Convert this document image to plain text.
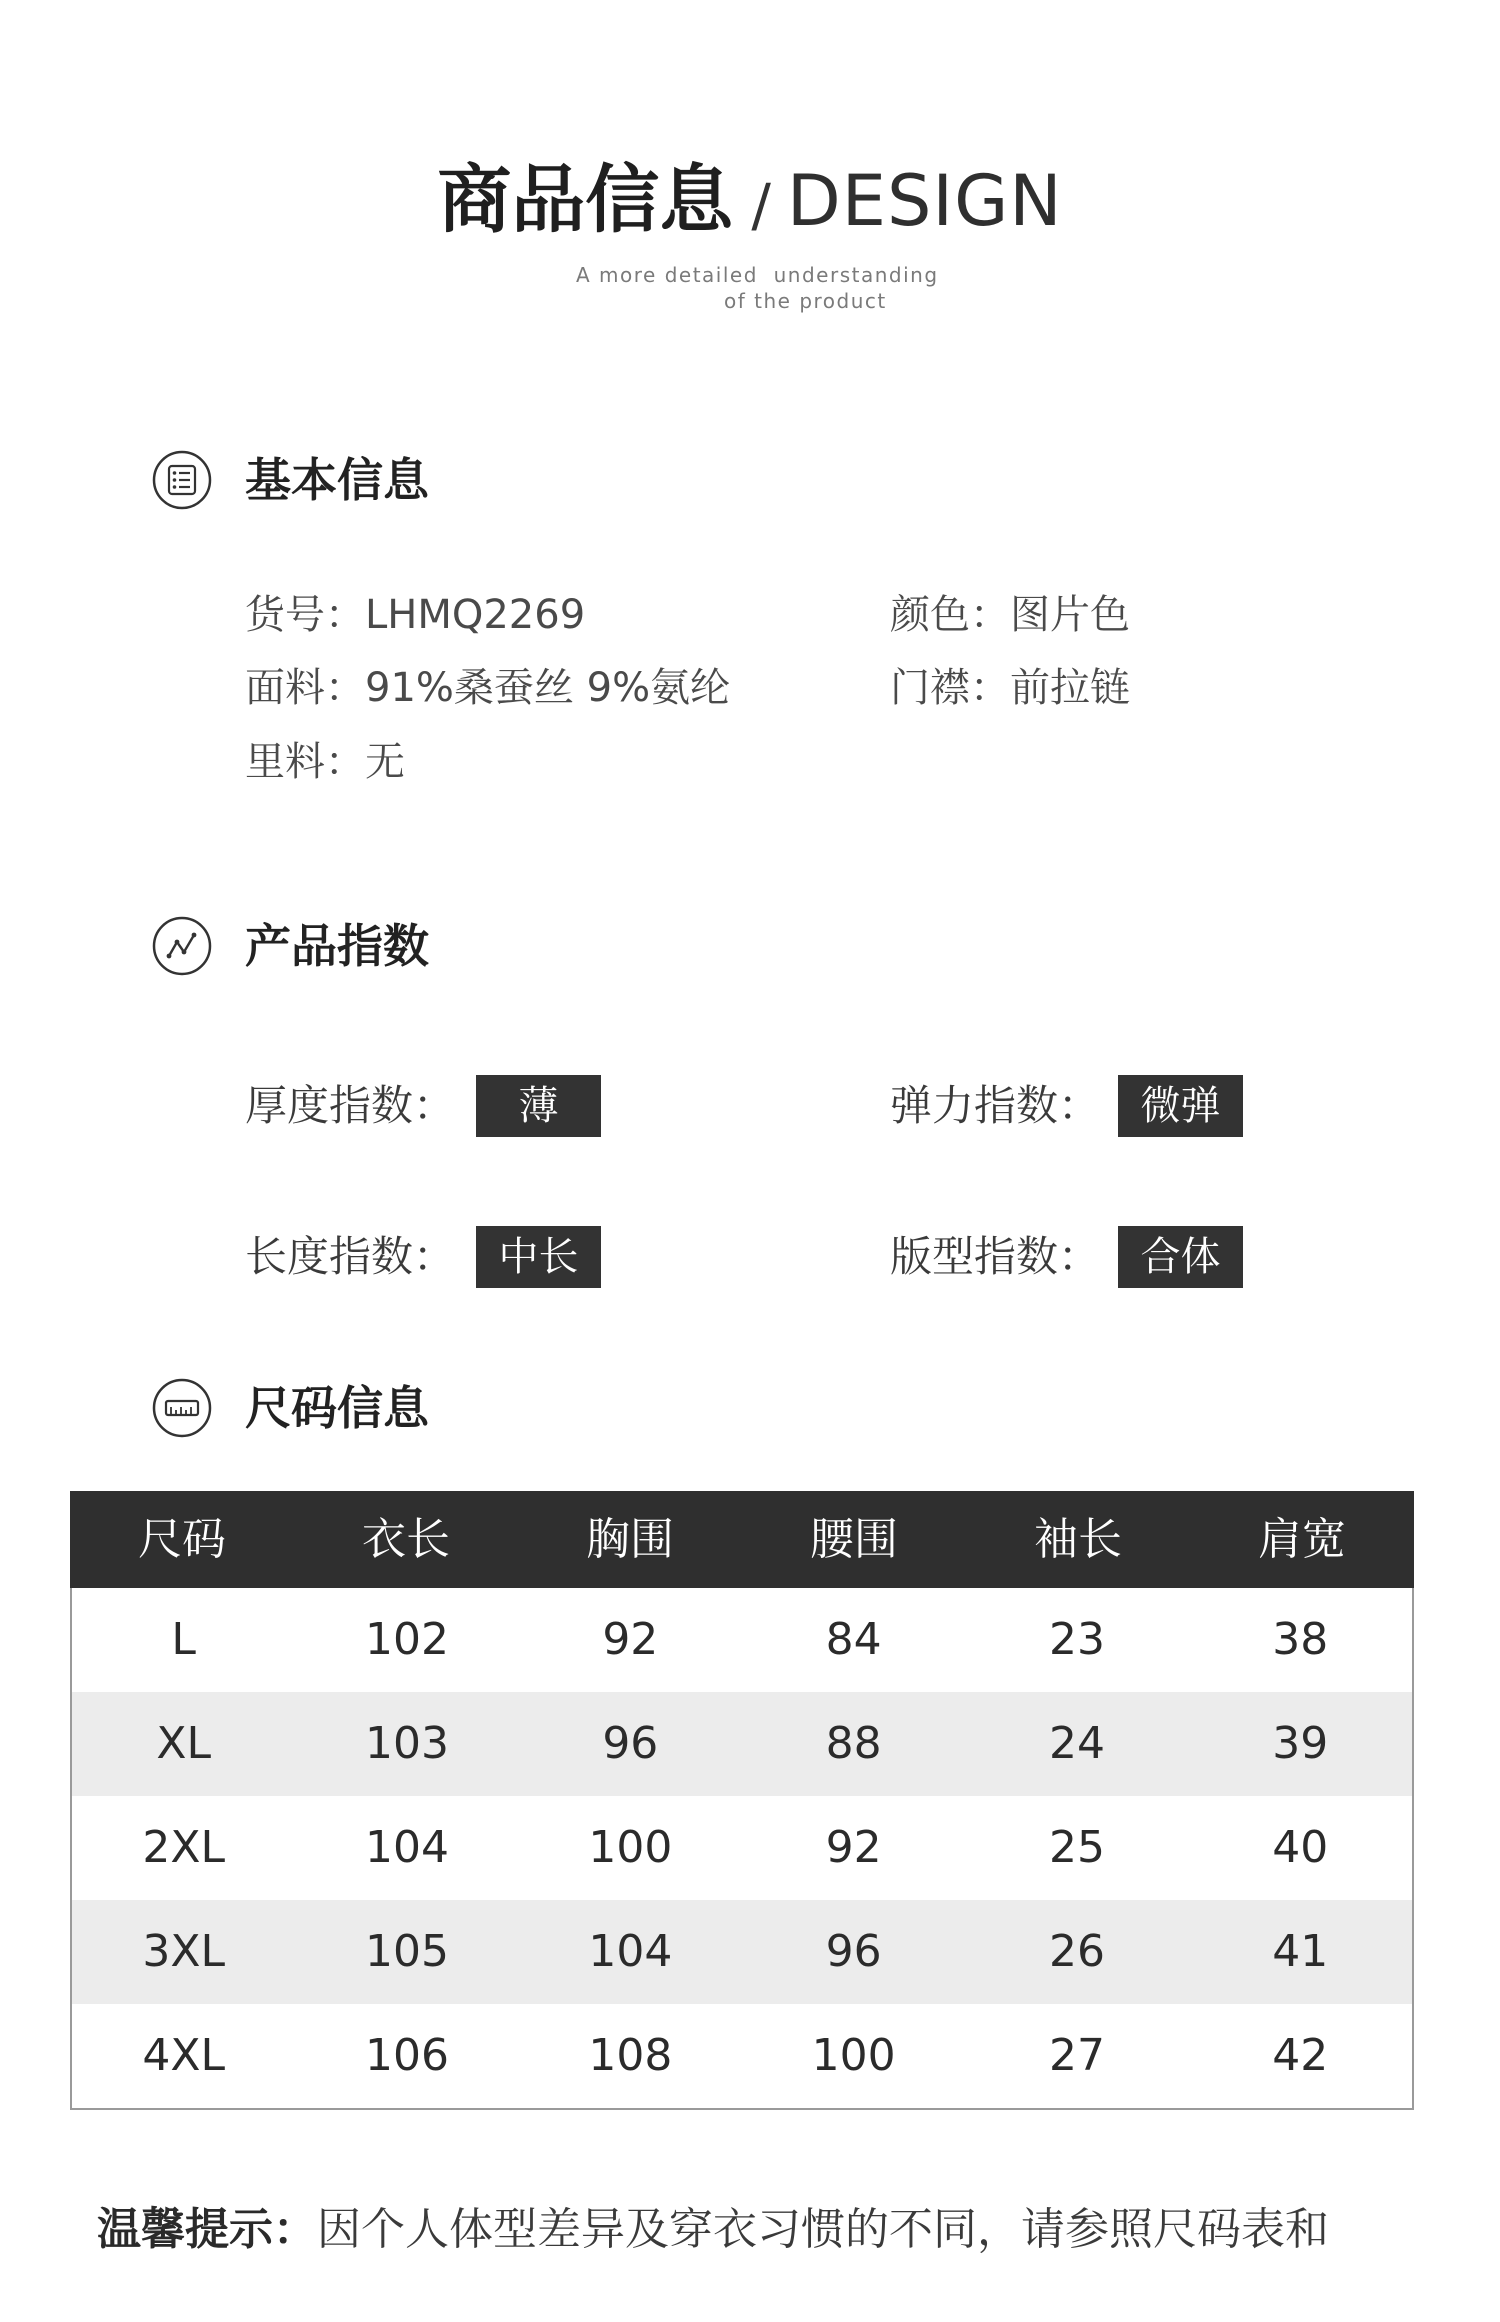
商品信息 / DESIGN
A more detailed  understanding
of the product
基本信息
货号：LHMQ2269	颜色：图片色
面料：91%桑蚕丝 9%氨纶	门襟：前拉链
里料：无
产品指数
厚度指数：	薄	弹力指数：	微弹
长度指数：	中长	版型指数：	合体
尺码信息
尺码	衣长	胸围	腰围	袖长	肩宽
L	102	92	84	23	38
XL	103	96	88	24	39
2XL	104	100	92	25	40
3XL	105	104	96	26	41
4XL	106	108	100	27	42
温馨提示：因个人体型差异及穿衣习惯的不同，请参照尺码表和
